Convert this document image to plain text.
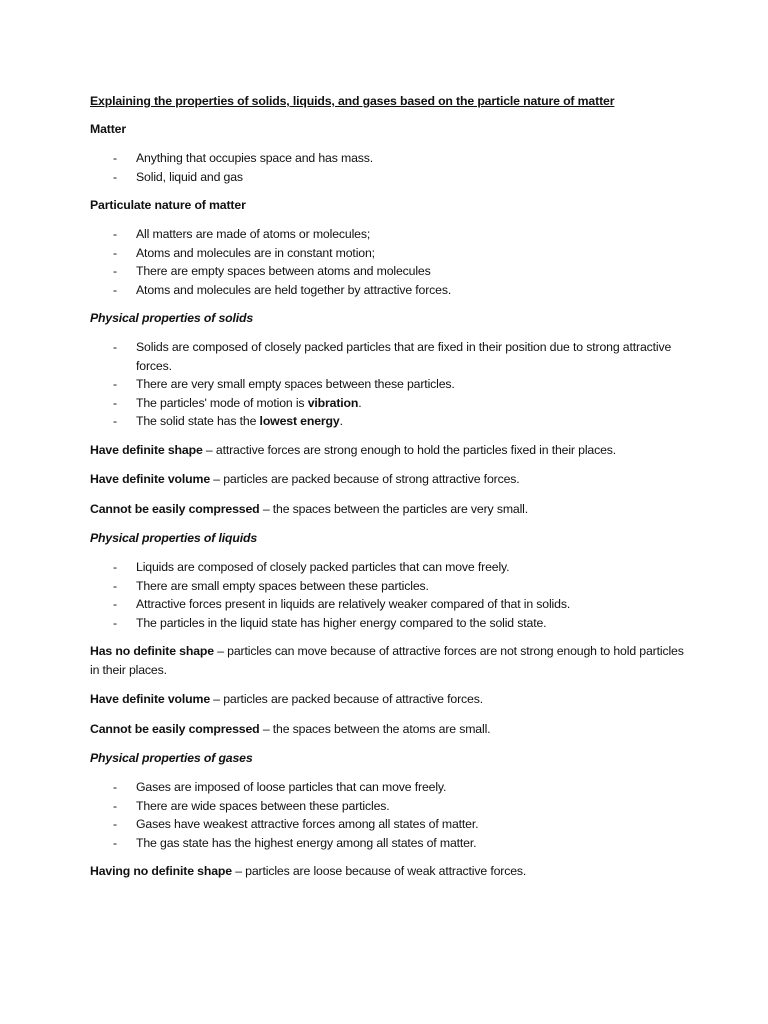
Explaining the properties of solids, liquids, and gases based on the particle nature of matter

Matter

- Anything that occupies space and has mass.
- Solid, liquid and gas

Particulate nature of matter

- All matters are made of atoms or molecules;
- Atoms and molecules are in constant motion;
- There are empty spaces between atoms and molecules
- Atoms and molecules are held together by attractive forces.

Physical properties of solids

- Solids are composed of closely packed particles that are fixed in their position due to strong attractive forces.
- There are very small empty spaces between these particles.
- The particles' mode of motion is vibration.
- The solid state has the lowest energy.

Have definite shape – attractive forces are strong enough to hold the particles fixed in their places.

Have definite volume – particles are packed because of strong attractive forces.

Cannot be easily compressed – the spaces between the particles are very small.

Physical properties of liquids

- Liquids are composed of closely packed particles that can move freely.
- There are small empty spaces between these particles.
- Attractive forces present in liquids are relatively weaker compared of that in solids.
- The particles in the liquid state has higher energy compared to the solid state.

Has no definite shape – particles can move because of attractive forces are not strong enough to hold particles in their places.

Have definite volume – particles are packed because of attractive forces.

Cannot be easily compressed – the spaces between the atoms are small.

Physical properties of gases

- Gases are imposed of loose particles that can move freely.
- There are wide spaces between these particles.
- Gases have weakest attractive forces among all states of matter.
- The gas state has the highest energy among all states of matter.

Having no definite shape – particles are loose because of weak attractive forces.
